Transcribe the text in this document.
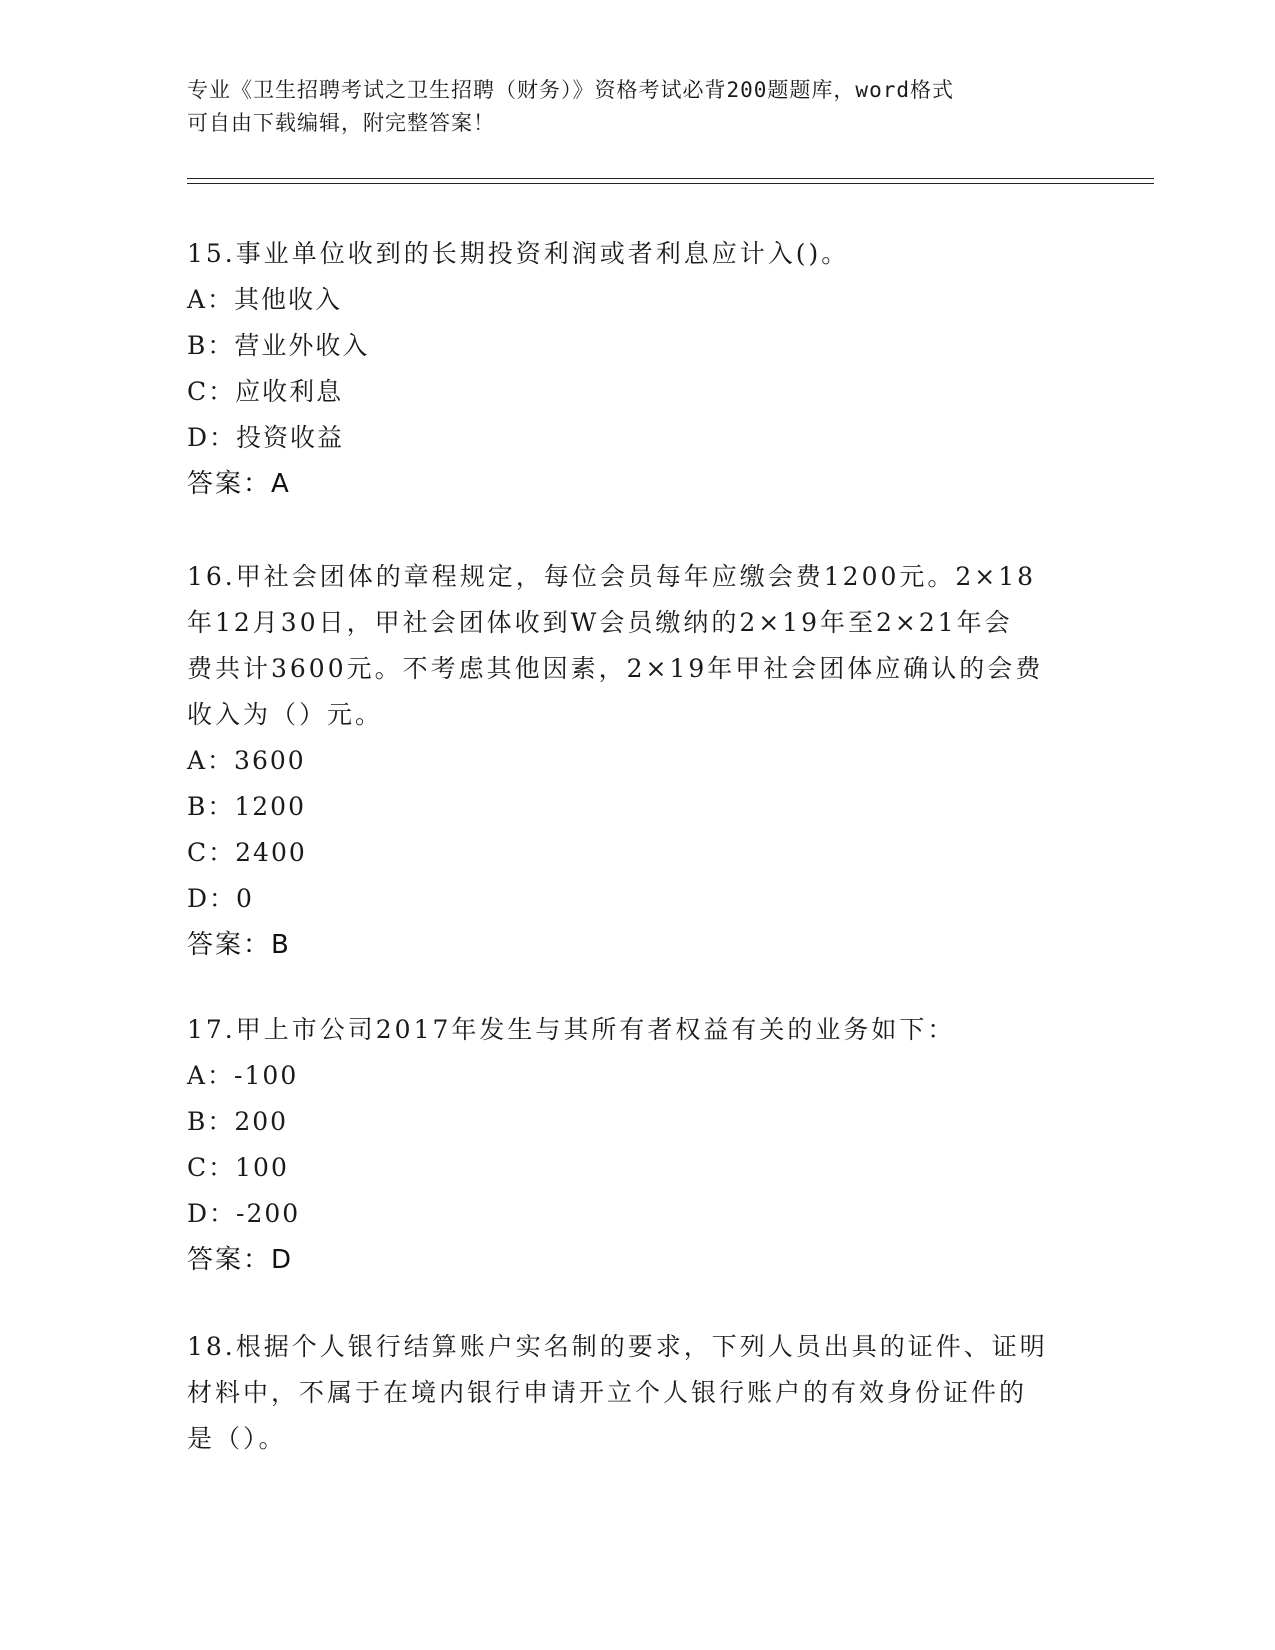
专业《卫生招聘考试之卫生招聘（财务）》资格考试必背200题题库，word格式
可自由下载编辑，附完整答案！
15.事业单位收到的长期投资利润或者利息应计入()。
A：其他收入
B：营业外收入
C：应收利息
D：投资收益
答案：A
16.甲社会团体的章程规定，每位会员每年应缴会费1200元。2×18
年12月30日，甲社会团体收到W会员缴纳的2×19年至2×21年会
费共计3600元。不考虑其他因素，2×19年甲社会团体应确认的会费
收入为（）元。
A：3600
B：1200
C：2400
D：0
答案：B
17.甲上市公司2017年发生与其所有者权益有关的业务如下：
A：-100
B：200
C：100
D：-200
答案：D
18.根据个人银行结算账户实名制的要求，下列人员出具的证件、证明
材料中，不属于在境内银行申请开立个人银行账户的有效身份证件的
是（）。
